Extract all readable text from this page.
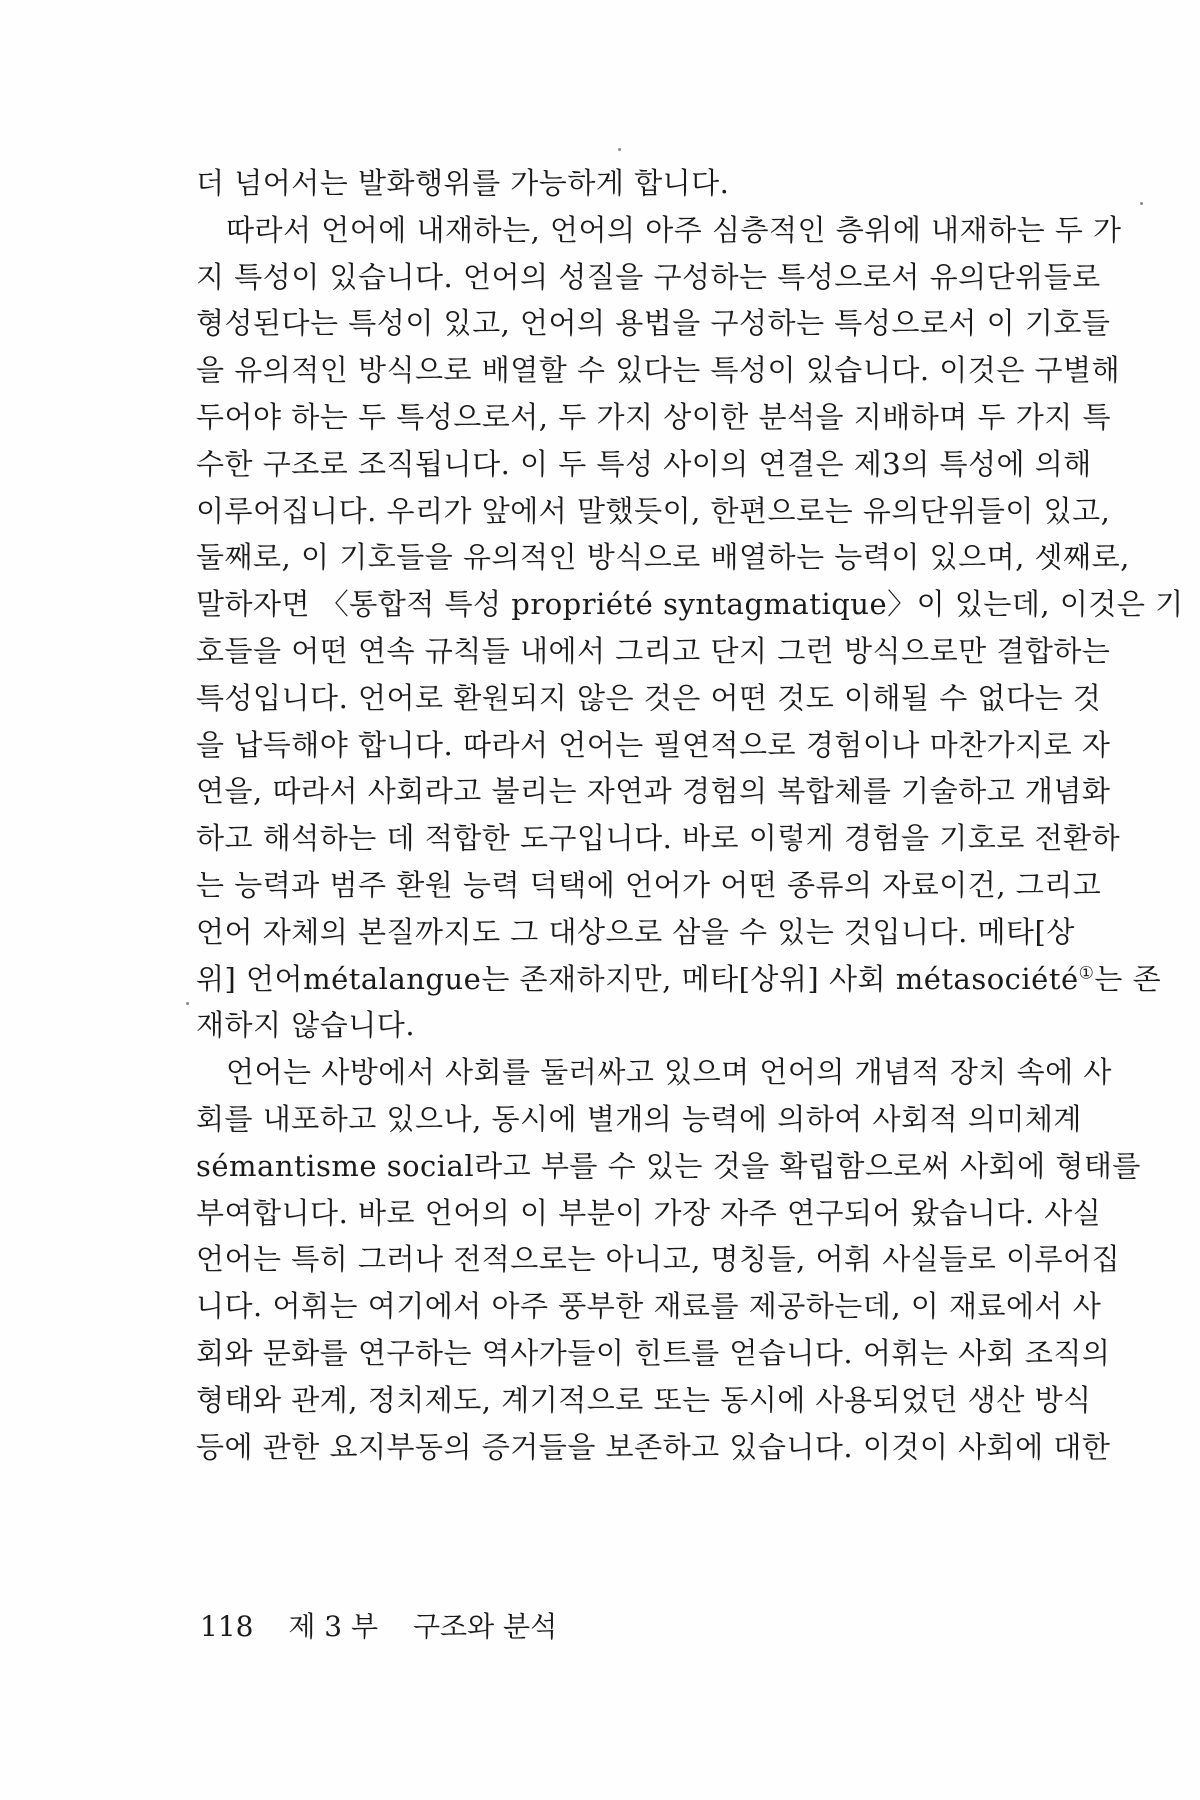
더 넘어서는 발화행위를 가능하게 합니다.
따라서 언어에 내재하는, 언어의 아주 심층적인 층위에 내재하는 두 가
지 특성이 있습니다. 언어의 성질을 구성하는 특성으로서 유의단위들로
형성된다는 특성이 있고, 언어의 용법을 구성하는 특성으로서 이 기호들
을 유의적인 방식으로 배열할 수 있다는 특성이 있습니다. 이것은 구별해
두어야 하는 두 특성으로서, 두 가지 상이한 분석을 지배하며 두 가지 특
수한 구조로 조직됩니다. 이 두 특성 사이의 연결은 제3의 특성에 의해
이루어집니다. 우리가 앞에서 말했듯이, 한편으로는 유의단위들이 있고,
둘째로, 이 기호들을 유의적인 방식으로 배열하는 능력이 있으며, 셋째로,
말하자면 〈통합적 특성 propriété syntagmatique〉이 있는데, 이것은 기
호들을 어떤 연속 규칙들 내에서 그리고 단지 그런 방식으로만 결합하는
특성입니다. 언어로 환원되지 않은 것은 어떤 것도 이해될 수 없다는 것
을 납득해야 합니다. 따라서 언어는 필연적으로 경험이나 마찬가지로 자
연을, 따라서 사회라고 불리는 자연과 경험의 복합체를 기술하고 개념화
하고 해석하는 데 적합한 도구입니다. 바로 이렇게 경험을 기호로 전환하
는 능력과 범주 환원 능력 덕택에 언어가 어떤 종류의 자료이건, 그리고
언어 자체의 본질까지도 그 대상으로 삼을 수 있는 것입니다. 메타[상
위] 언어métalangue는 존재하지만, 메타[상위] 사회 métasociété①는 존
재하지 않습니다.
언어는 사방에서 사회를 둘러싸고 있으며 언어의 개념적 장치 속에 사
회를 내포하고 있으나, 동시에 별개의 능력에 의하여 사회적 의미체계
sémantisme social라고 부를 수 있는 것을 확립함으로써 사회에 형태를
부여합니다. 바로 언어의 이 부분이 가장 자주 연구되어 왔습니다. 사실
언어는 특히 그러나 전적으로는 아니고, 명칭들, 어휘 사실들로 이루어집
니다. 어휘는 여기에서 아주 풍부한 재료를 제공하는데, 이 재료에서 사
회와 문화를 연구하는 역사가들이 힌트를 얻습니다. 어휘는 사회 조직의
형태와 관계, 정치제도, 계기적으로 또는 동시에 사용되었던 생산 방식
등에 관한 요지부동의 증거들을 보존하고 있습니다. 이것이 사회에 대한
118 제 3 부 구조와 분석
